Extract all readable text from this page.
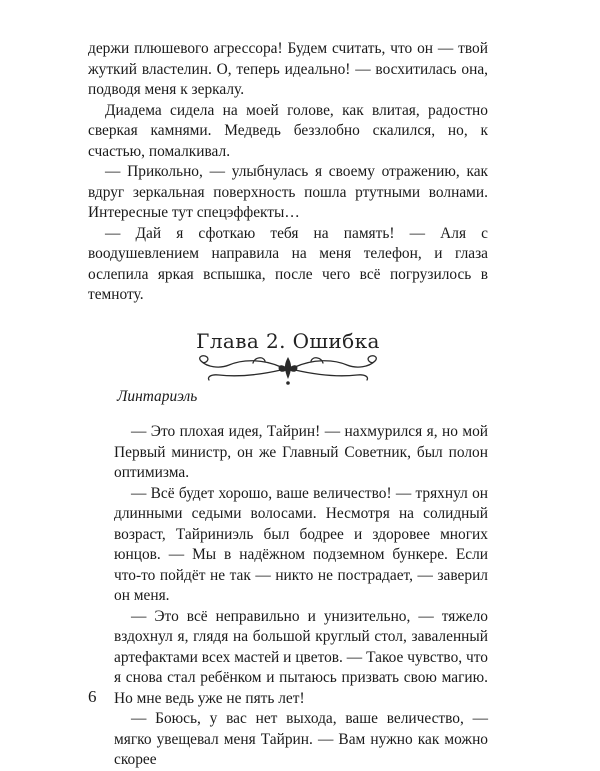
держи плюшевого агрессора! Будем считать, что он — твой жуткий властелин. О, теперь идеально! — восхитилась она, подводя меня к зеркалу.

Диадема сидела на моей голове, как влитая, радостно сверкая камнями. Медведь беззлобно скалился, но, к счастью, помалкивал.

— Прикольно, — улыбнулась я своему отражению, как вдруг зеркальная поверхность пошла ртутными волнами. Интересные тут спецэффекты…

— Дай я сфоткаю тебя на память! — Аля с воодушевлением направила на меня телефон, и глаза ослепила яркая вспышка, после чего всё погрузилось в темноту.

Глава 2. Ошибка
Линтариэль

— Это плохая идея, Тайрин! — нахмурился я, но мой Первый министр, он же Главный Советник, был полон оптимизма.

— Всё будет хорошо, ваше величество! — тряхнул он длинными седыми волосами. Несмотря на солидный возраст, Тайриниэль был бодрее и здоровее многих юнцов. — Мы в надёжном подземном бункере. Если что-то пойдёт не так — никто не пострадает, — заверил он меня.

— Это всё неправильно и унизительно, — тяжело вздохнул я, глядя на большой круглый стол, заваленный артефактами всех мастей и цветов. — Такое чувство, что я снова стал ребёнком и пытаюсь призвать свою магию. Но мне ведь уже не пять лет!

— Боюсь, у вас нет выхода, ваше величество, — мягко увещевал меня Тайрин. — Вам нужно как можно скорее

6
